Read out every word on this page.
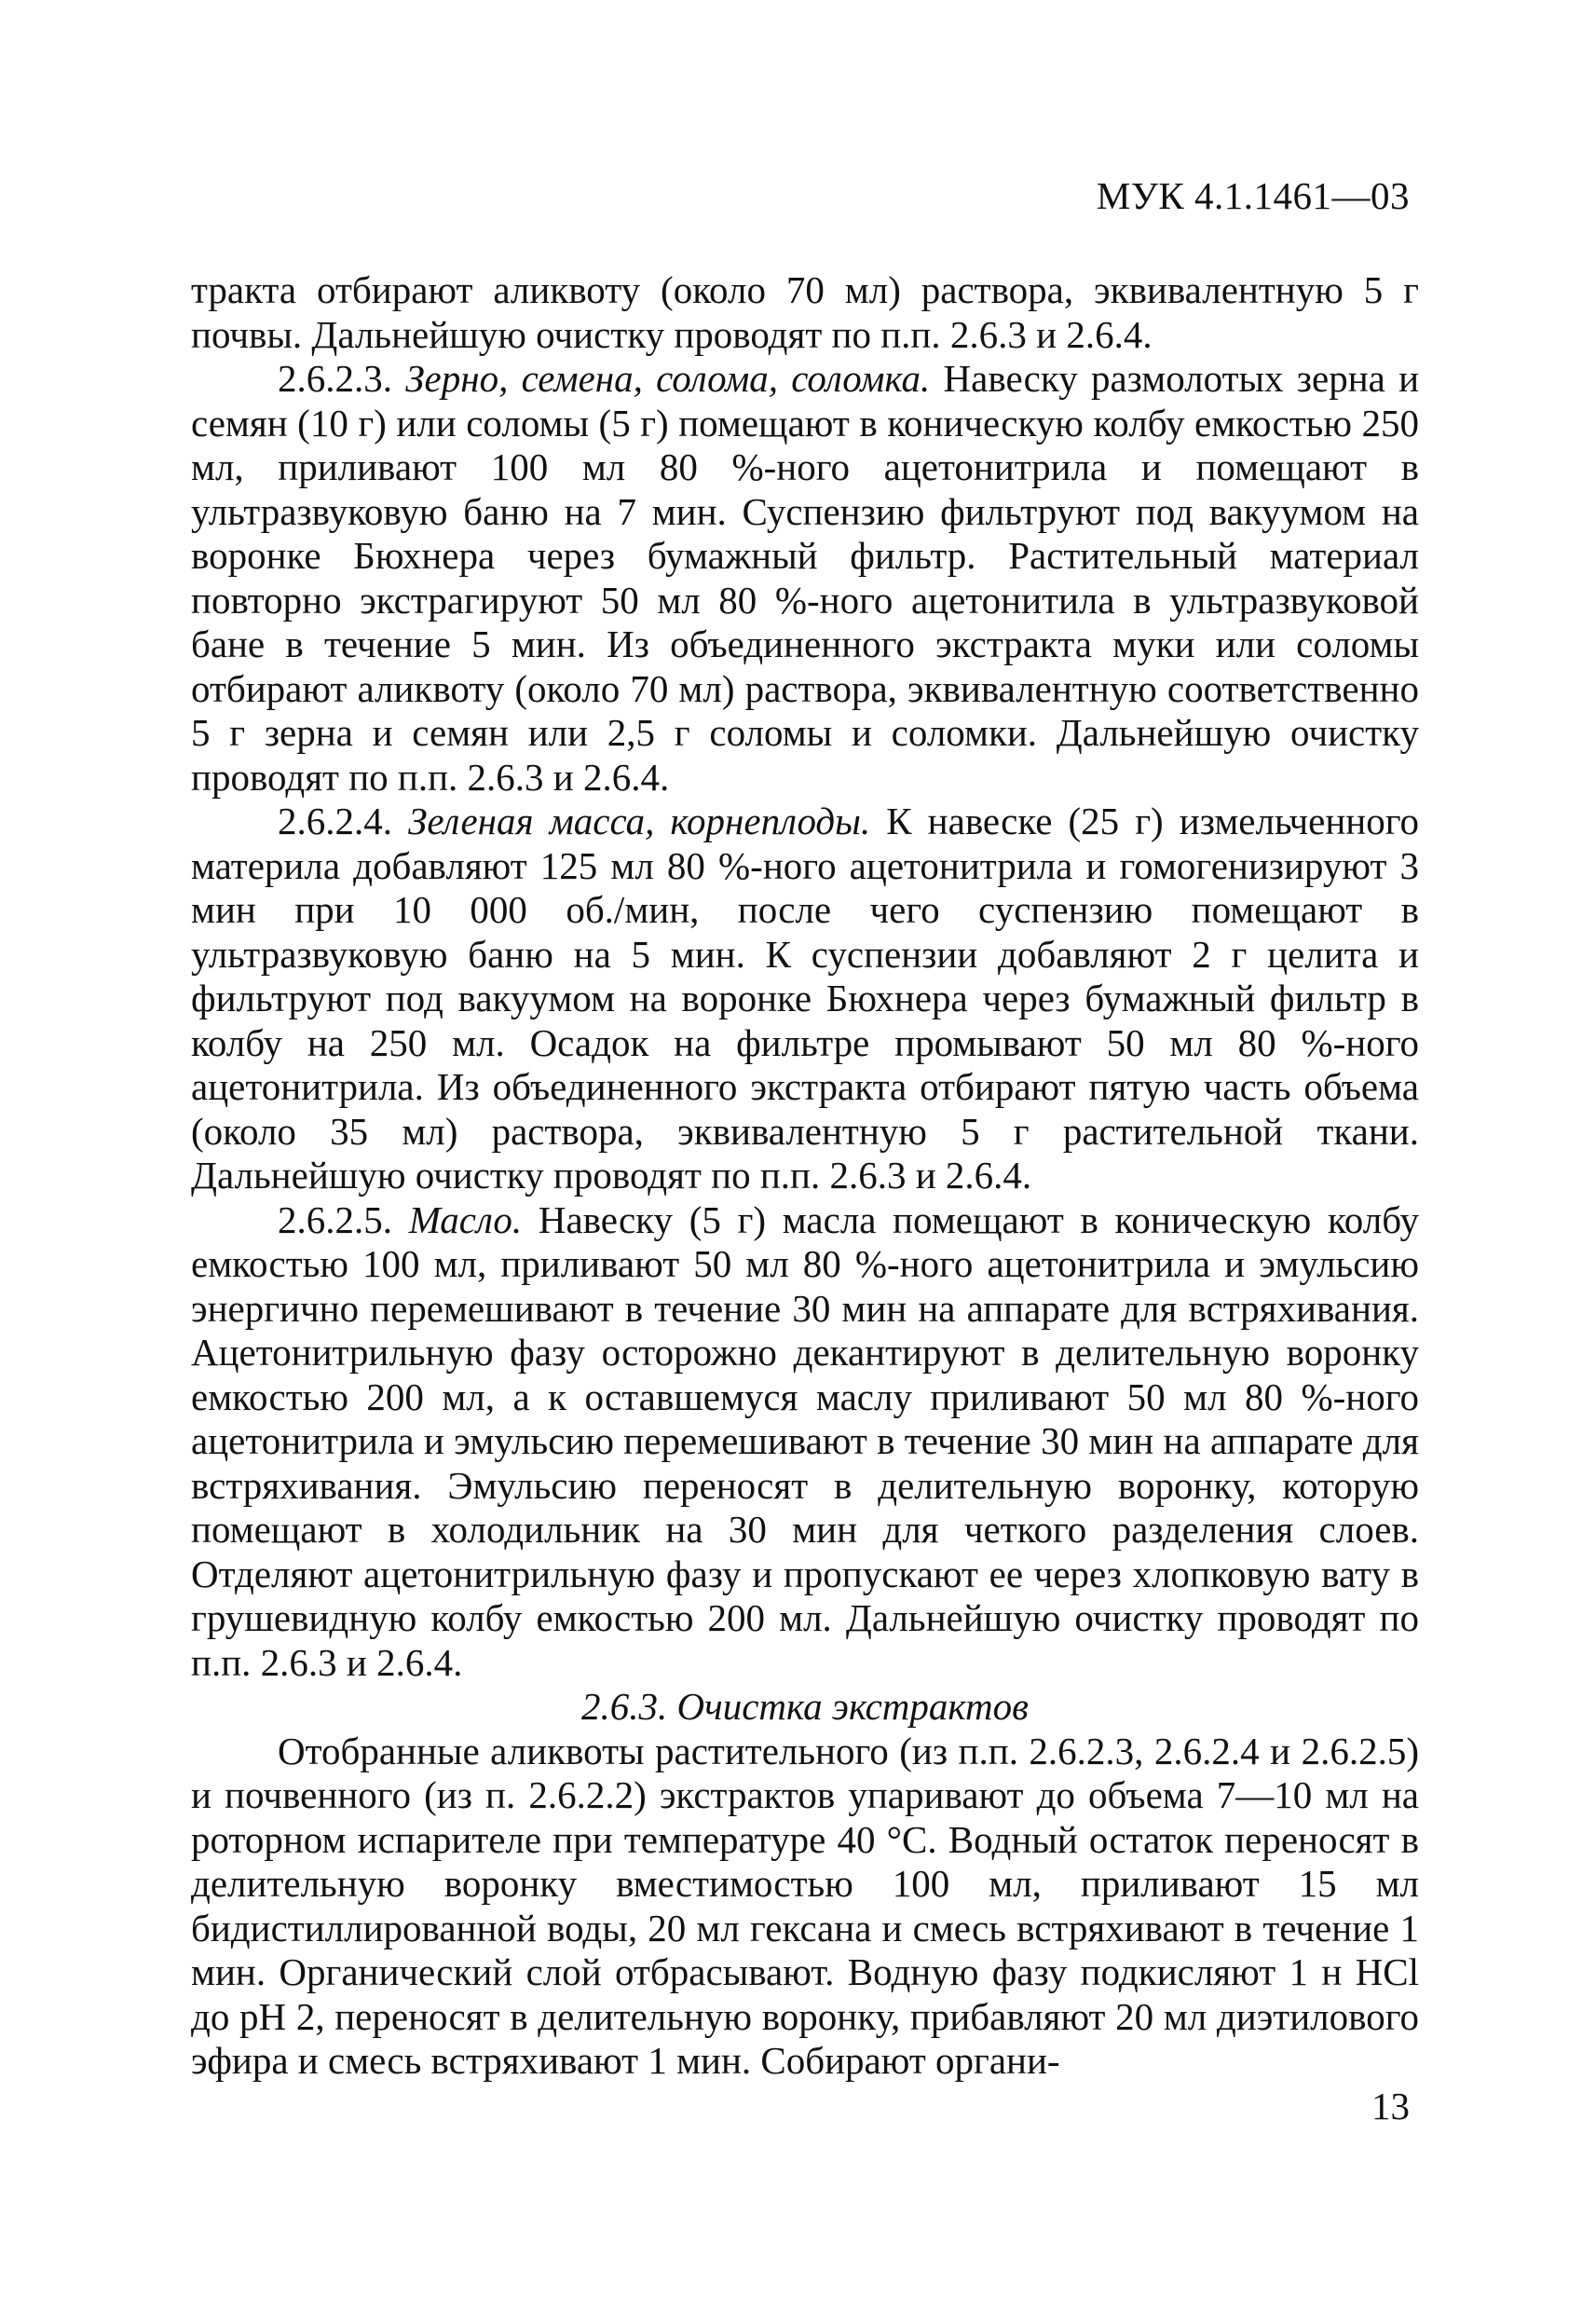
МУК 4.1.1461—03

тракта отбирают аликвоту (около 70 мл) раствора, эквивалентную 5 г почвы. Дальнейшую очистку проводят по п.п. 2.6.3 и 2.6.4.

2.6.2.3. Зерно, семена, солома, соломка. Навеску размолотых зерна и семян (10 г) или соломы (5 г) помещают в коническую колбу емкостью 250 мл, приливают 100 мл 80 %-ного ацетонитрила и помещают в ультразвуковую баню на 7 мин. Суспензию фильтруют под вакуумом на воронке Бюхнера через бумажный фильтр. Растительный материал повторно экстрагируют 50 мл 80 %-ного ацетонитила в ультразвуковой бане в течение 5 мин. Из объединенного экстракта муки или соломы отбирают аликвоту (около 70 мл) раствора, эквивалентную соответственно 5 г зерна и семян или 2,5 г соломы и соломки. Дальнейшую очистку проводят по п.п. 2.6.3 и 2.6.4.

2.6.2.4. Зеленая масса, корнеплоды. К навеске (25 г) измельченного материла добавляют 125 мл 80 %-ного ацетонитрила и гомогенизируют 3 мин при 10 000 об./мин, после чего суспензию помещают в ультразвуковую баню на 5 мин. К суспензии добавляют 2 г целита и фильтруют под вакуумом на воронке Бюхнера через бумажный фильтр в колбу на 250 мл. Осадок на фильтре промывают 50 мл 80 %-ного ацетонитрила. Из объединенного экстракта отбирают пятую часть объема (около 35 мл) раствора, эквивалентную 5 г растительной ткани. Дальнейшую очистку проводят по п.п. 2.6.3 и 2.6.4.

2.6.2.5. Масло. Навеску (5 г) масла помещают в коническую колбу емкостью 100 мл, приливают 50 мл 80 %-ного ацетонитрила и эмульсию энергично перемешивают в течение 30 мин на аппарате для встряхивания. Ацетонитрильную фазу осторожно декантируют в делительную воронку емкостью 200 мл, а к оставшемуся маслу приливают 50 мл 80 %-ного ацетонитрила и эмульсию перемешивают в течение 30 мин на аппарате для встряхивания. Эмульсию переносят в делительную воронку, которую помещают в холодильник на 30 мин для четкого разделения слоев. Отделяют ацетонитрильную фазу и пропускают ее через хлопковую вату в грушевидную колбу емкостью 200 мл. Дальнейшую очистку проводят по п.п. 2.6.3 и 2.6.4.

2.6.3. Очистка экстрактов

Отобранные аликвоты растительного (из п.п. 2.6.2.3, 2.6.2.4 и 2.6.2.5) и почвенного (из п. 2.6.2.2) экстрактов упаривают до объема 7—10 мл на роторном испарителе при температуре 40 °С. Водный остаток переносят в делительную воронку вместимостью 100 мл, приливают 15 мл бидистиллированной воды, 20 мл гексана и смесь встряхивают в течение 1 мин. Органический слой отбрасывают. Водную фазу подкисляют 1 н HCl до pH 2, переносят в делительную воронку, прибавляют 20 мл диэтилового эфира и смесь встряхивают 1 мин. Собирают органи-

13
